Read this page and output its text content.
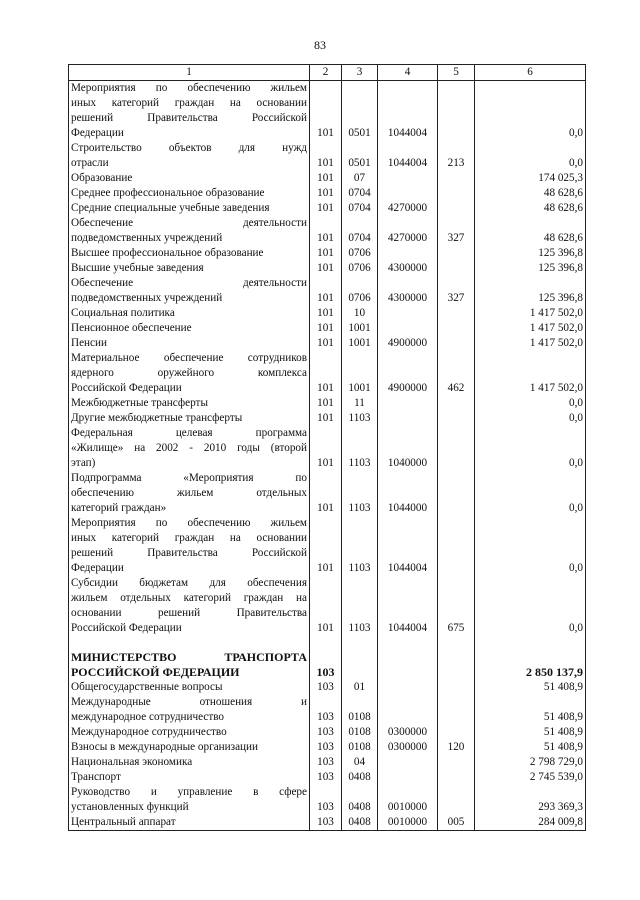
83
1	2	3	4	5	6

Мероприятия по обеспечению жильем
иных категорий граждан на основании
решений Правительства Российской
Федерации	101	0501	1044004		0,0

Строительство объектов для нужд
отрасли	101	0501	1044004	213	0,0

Образование	101	07			174 025,3

Среднее профессиональное образование	101	0704			48 628,6

Средние специальные учебные заведения	101	0704	4270000		48 628,6

Обеспечение деятельности
подведомственных учреждений	101	0704	4270000	327	48 628,6

Высшее профессиональное образование	101	0706			125 396,8

Высшие учебные заведения	101	0706	4300000		125 396,8

Обеспечение деятельности
подведомственных учреждений	101	0706	4300000	327	125 396,8

Социальная политика	101	10			1 417 502,0

Пенсионное обеспечение	101	1001			1 417 502,0

Пенсии	101	1001	4900000		1 417 502,0

Материальное обеспечение сотрудников
ядерного оружейного комплекса
Российской Федерации	101	1001	4900000	462	1 417 502,0

Межбюджетные трансферты	101	11			0,0

Другие межбюджетные трансферты	101	1103			0,0

Федеральная целевая программа
«Жилище» на 2002 - 2010 годы (второй
этап)	101	1103	1040000		0,0

Подпрограмма «Мероприятия по
обеспечению жильем отдельных
категорий граждан»	101	1103	1044000		0,0

Мероприятия по обеспечению жильем
иных категорий граждан на основании
решений Правительства Российской
Федерации	101	1103	1044004		0,0

Субсидии бюджетам для обеспечения
жильем отдельных категорий граждан на
основании решений Правительства
Российской Федерации	101	1103	1044004	675	0,0

МИНИСТЕРСТВО ТРАНСПОРТА
РОССИЙСКОЙ ФЕДЕРАЦИИ	103				2 850 137,9

Общегосударственные вопросы	103	01			51 408,9

Международные отношения и
международное сотрудничество	103	0108			51 408,9

Международное сотрудничество	103	0108	0300000		51 408,9

Взносы в международные организации	103	0108	0300000	120	51 408,9

Национальная экономика	103	04			2 798 729,0

Транспорт	103	0408			2 745 539,0

Руководство и управление в сфере
установленных функций	103	0408	0010000		293 369,3

Центральный аппарат	103	0408	0010000	005	284 009,8
